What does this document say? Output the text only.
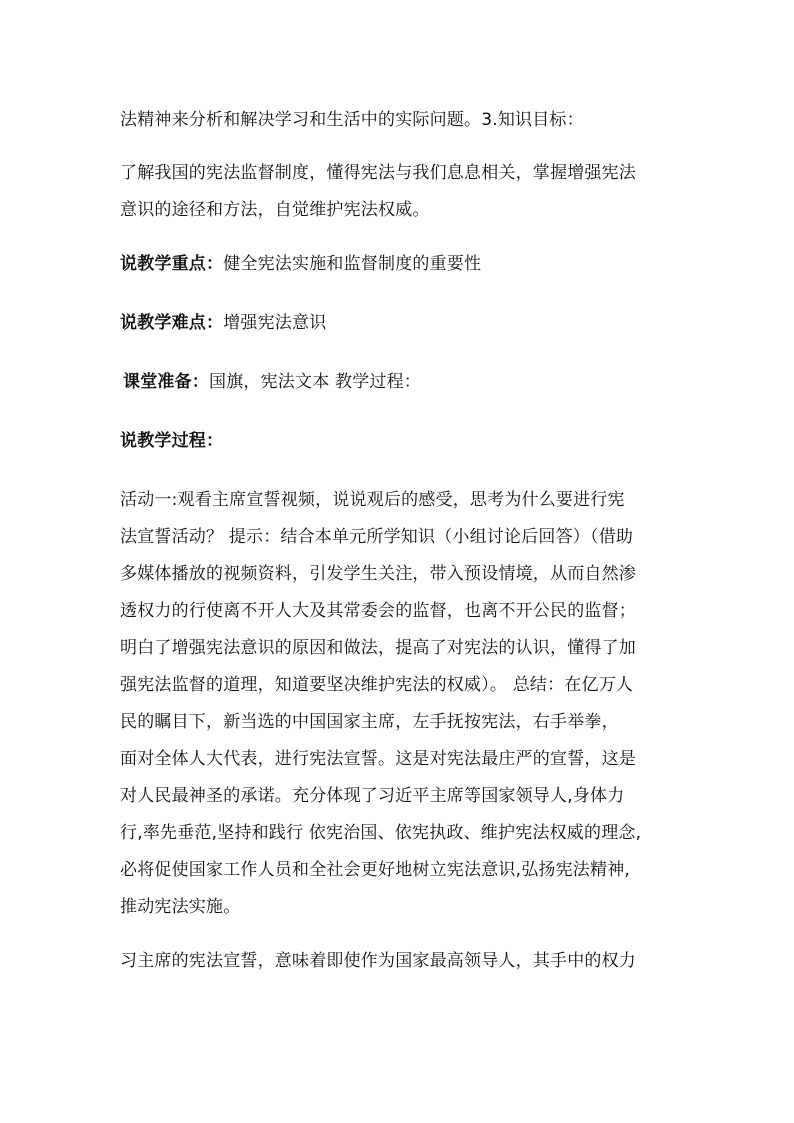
法精神来分析和解决学习和生活中的实际问题。3.知识目标：

了解我国的宪法监督制度，懂得宪法与我们息息相关，掌握增强宪法
意识的途径和方法，自觉维护宪法权威。

说教学重点：健全宪法实施和监督制度的重要性

说教学难点：增强宪法意识

课堂准备：国旗，宪法文本 教学过程：

说教学过程：

活动一:观看主席宣誓视频，说说观后的感受，思考为什么要进行宪
法宣誓活动？ 提示：结合本单元所学知识（小组讨论后回答）（借助
多媒体播放的视频资料，引发学生关注，带入预设情境，从而自然渗
透权力的行使离不开人大及其常委会的监督，也离不开公民的监督；
明白了增强宪法意识的原因和做法，提高了对宪法的认识，懂得了加
强宪法监督的道理，知道要坚决维护宪法的权威）。 总结：在亿万人
民的瞩目下，新当选的中国国家主席，左手抚按宪法，右手举拳，
面对全体人大代表，进行宪法宣誓。这是对宪法最庄严的宣誓，这是
对人民最神圣的承诺。充分体现了习近平主席等国家领导人,身体力
行,率先垂范,坚持和践行 依宪治国、依宪执政、维护宪法权威的理念,
必将促使国家工作人员和全社会更好地树立宪法意识,弘扬宪法精神,
推动宪法实施。

习主席的宪法宣誓，意味着即使作为国家最高领导人，其手中的权力
